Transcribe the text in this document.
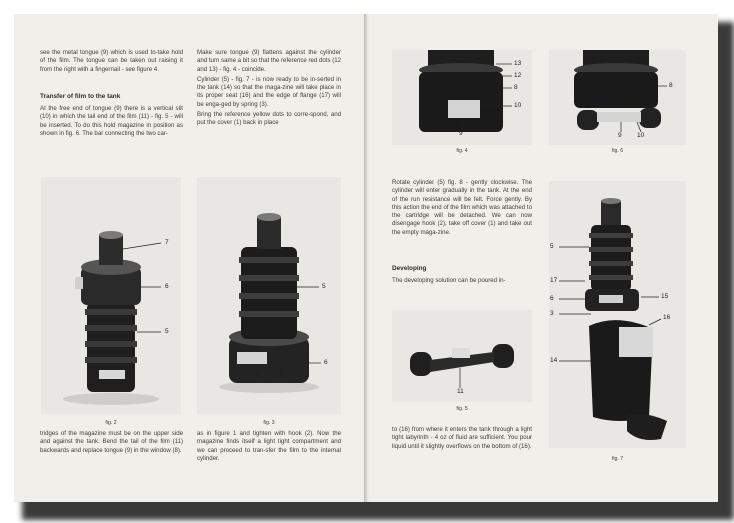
see the metal tongue (9) which is used to-take hold of the film. The tongue can be taken out raising it from the right with a fingernail - see figure 4.
Transfer of film to the tank
At the free end of tongue (9) there is a vertical slit (10) in which the tail end of the film (11) - fig. 5 - will be inserted. To do this hold magazine in position as shown in fig. 6. The bar connecting the two car-

Make sure tongue (9) flattens against the cylinder and turn same a bit so that the reference red dots (12 and 13) - fig. 4 - coincide.

Cylinder (5) - fig. 7 - is now ready to be in-serted in the tank (14) so that the maga-zine will take place in its proper seat (16) and the edge of flange (17) will be enga-ged by spring (3).

Bring the reference yellow dots to corre-spond, and put the cover (1) back in place

7
6
5
fig. 2
5
6
9	8
fig. 3
tridges of the magazine must be on the upper side and against the tank. Bend the tail of the film (11) backwards and replace tongue (9) in the window (8).
as in figure 1 and tighten with hook (2). Now the magazine finds itself a light tight compartment and we can proceed to tran-sfer the film to the internal cylinder.
13
12
8
10
9
fig. 4
8
9 10
fig. 6
Rotate cylinder (5) fig. 8 - gently clockwise. The cylinder will enter gradually in the tank. At the end of the run resistance will be felt. Force gently. By this action the end of the film which was attached to the cartridge will be detached. We can now disengage hook (2), take off cover (1) and take out the empty maga-zine.
Developing
The developing solution can be poured in-
11
fig. 5
to (16) from where it enters the tank through a light tight labyrinth - 4 oz of fluid are sufficient. You pour liquid until it slightly overflows on the bottom of (16).
5
17
6
3
14
15
16
fig. 7
